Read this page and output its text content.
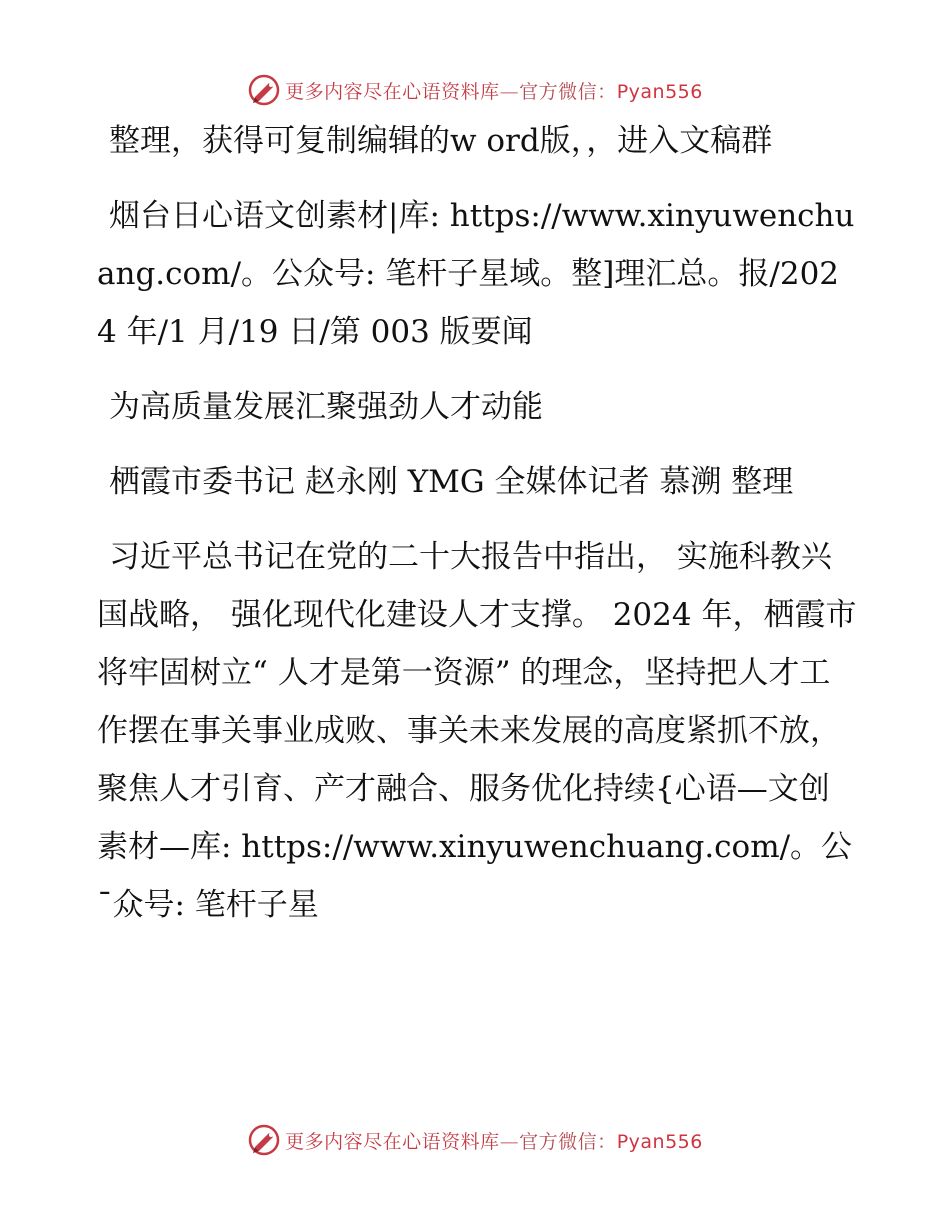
更多内容尽在心语资料库—官方微信：Pyan556

整理，获得可复制编辑的w ord版，，进入文稿群

烟台日心语文创素材|库: https://www.xinyuwenchuang.com/。公众号: 笔杆子星域。整]理汇总。报/2024 年/1 月/19 日/第 003 版要闻

为高质量发展汇聚强劲人才动能

栖霞市委书记 赵永刚 YMG 全媒体记者 慕溯 整理

习近平总书记在党的二十大报告中指出， 实施科教兴国战略， 强化现代化建设人才支撑。 2024 年，栖霞市将牢固树立“ 人才是第一资源” 的理念，坚持把人才工作摆在事关事业成败、事关未来发展的高度紧抓不放，聚焦人才引育、产才融合、服务优化持续{心语—文创素材—库: https://www.xinyuwenchuang.com/。公¯众号: 笔杆子星

更多内容尽在心语资料库—官方微信：Pyan556
